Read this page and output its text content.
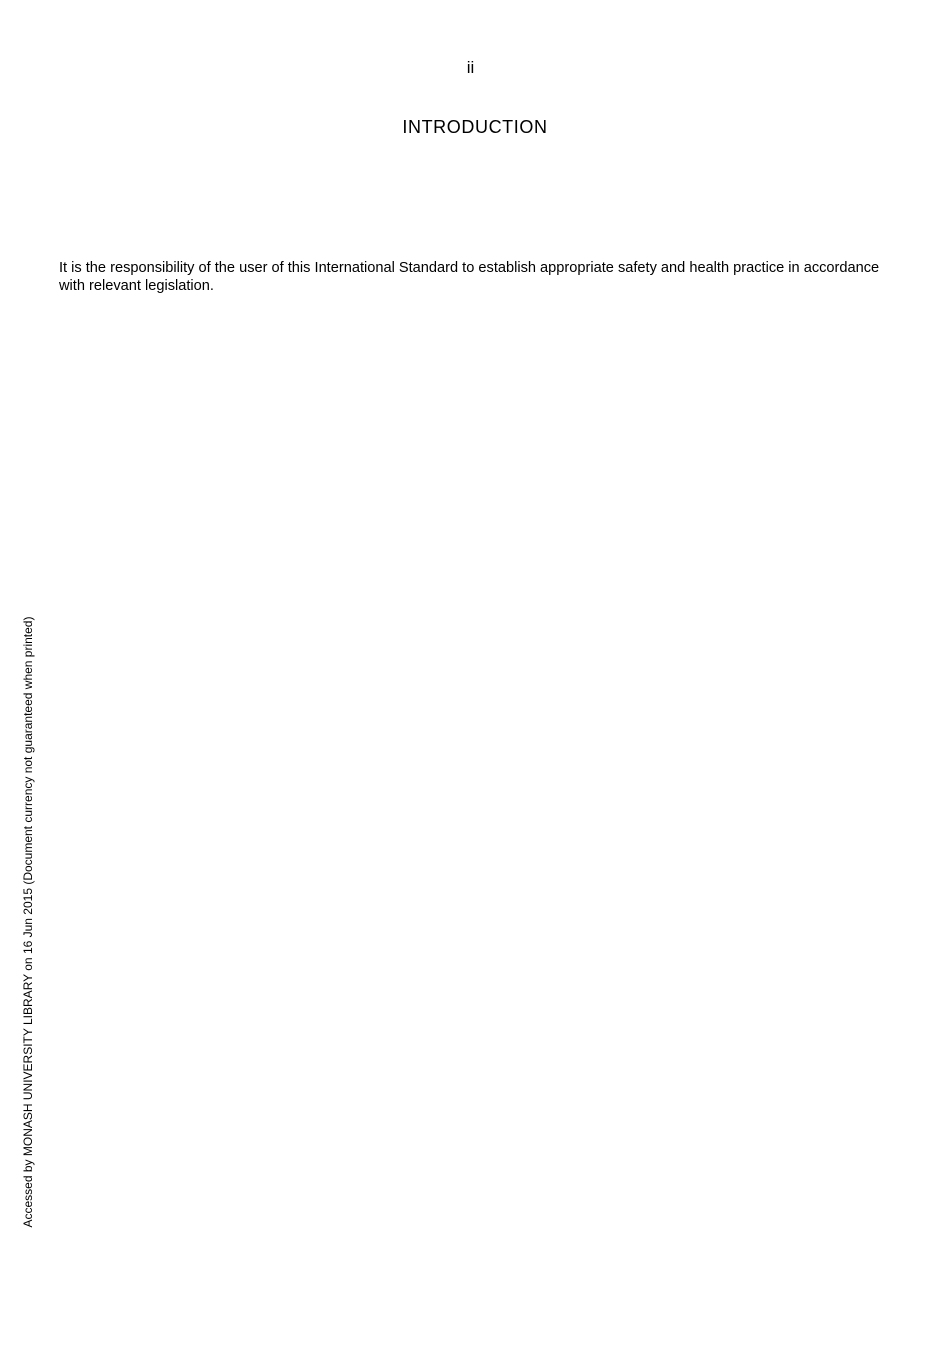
ii
INTRODUCTION

It is the responsibility of the user of this International Standard to establish appropriate safety and health practice in accordance with relevant legislation.

Accessed by MONASH UNIVERSITY LIBRARY on 16 Jun 2015 (Document currency not guaranteed when printed)
